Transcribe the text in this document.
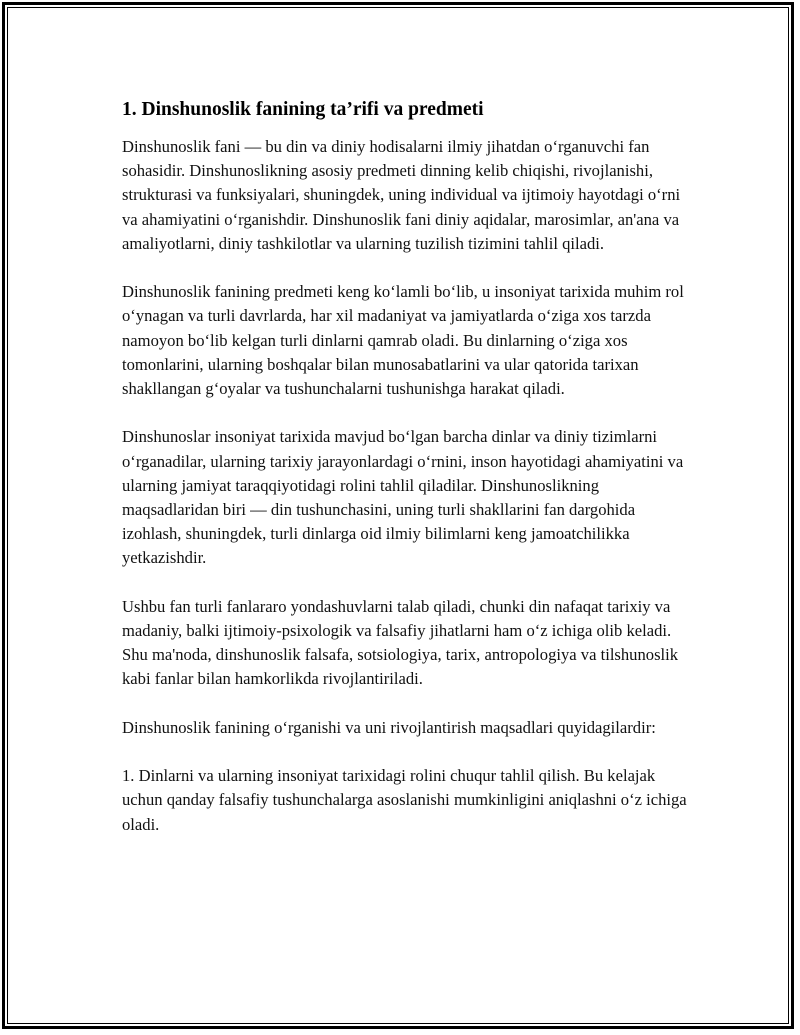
1. Dinshunoslik fanining ta’rifi va predmeti

Dinshunoslik fani — bu din va diniy hodisalarni ilmiy jihatdan o‘rganuvchi fan sohasidir. Dinshunoslikning asosiy predmeti dinning kelib chiqishi, rivojlanishi, strukturasi va funksiyalari, shuningdek, uning individual va ijtimoiy hayotdagi o‘rni va ahamiyatini o‘rganishdir. Dinshunoslik fani diniy aqidalar, marosimlar, an'ana va amaliyotlarni, diniy tashkilotlar va ularning tuzilish tizimini tahlil qiladi.

Dinshunoslik fanining predmeti keng ko‘lamli bo‘lib, u insoniyat tarixida muhim rol o‘ynagan va turli davrlarda, har xil madaniyat va jamiyatlarda o‘ziga xos tarzda namoyon bo‘lib kelgan turli dinlarni qamrab oladi. Bu dinlarning o‘ziga xos tomonlarini, ularning boshqalar bilan munosabatlarini va ular qatorida tarixan shakllangan g‘oyalar va tushunchalarni tushunishga harakat qiladi.

Dinshunoslar insoniyat tarixida mavjud bo‘lgan barcha dinlar va diniy tizimlarni o‘rganadilar, ularning tarixiy jarayonlardagi o‘rnini, inson hayotidagi ahamiyatini va ularning jamiyat taraqqiyotidagi rolini tahlil qiladilar. Dinshunoslikning maqsadlaridan biri — din tushunchasini, uning turli shakllarini fan dargohida izohlash, shuningdek, turli dinlarga oid ilmiy bilimlarni keng jamoatchilikka yetkazishdir.

Ushbu fan turli fanlararo yondashuvlarni talab qiladi, chunki din nafaqat tarixiy va madaniy, balki ijtimoiy-psixologik va falsafiy jihatlarni ham o‘z ichiga olib keladi. Shu ma'noda, dinshunoslik falsafa, sotsiologiya, tarix, antropologiya va tilshunoslik kabi fanlar bilan hamkorlikda rivojlantiriladi.

Dinshunoslik fanining o‘rganishi va uni rivojlantirish maqsadlari quyidagilardir:

1. Dinlarni va ularning insoniyat tarixidagi rolini chuqur tahlil qilish. Bu kelajak uchun qanday falsafiy tushunchalarga asoslanishi mumkinligini aniqlashni o‘z ichiga oladi.
